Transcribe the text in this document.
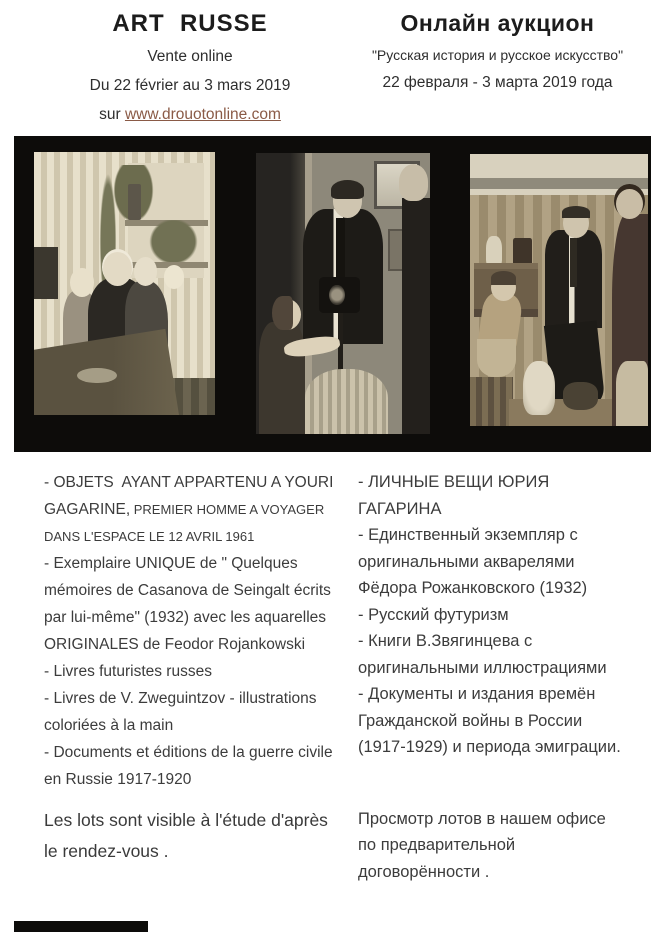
ART  RUSSE
Vente online
Du 22 février au 3 mars 2019
sur www.drouotonline.com
Онлайн аукцион
"Русская история и русское искусство"
22 февраля - 3 марта 2019 года

- OBJETS  AYANT APPARTENU A YOURI GAGARINE, PREMIER HOMME A VOYAGER DANS L'ESPACE LE 12 AVRIL 1961

- Exemplaire UNIQUE de " Quelques mémoires de Casanova de Seingalt écrits par lui-même" (1932) avec les aquarelles ORIGINALES de Feodor Rojankowski

- Livres futuristes russes

- Livres de V. Zweguintzov - illustrations coloriées à la main

- Documents et éditions de la guerre civile en Russie 1917-1920

Les lots sont visible à l'étude d'après le rendez-vous .

- ЛИЧНЫЕ ВЕЩИ ЮРИЯ ГАГАРИНА

- Единственный экземпляр с оригинальными акварелями Фёдора Рожанковского (1932)

- Русский футуризм

- Книги В.Звягинцева с оригинальными иллюстрациями

- Документы и издания времён Гражданской войны в России (1917-1929) и периода эмиграции.

Просмотр лотов в нашем офисе по предварительной договорённости .
